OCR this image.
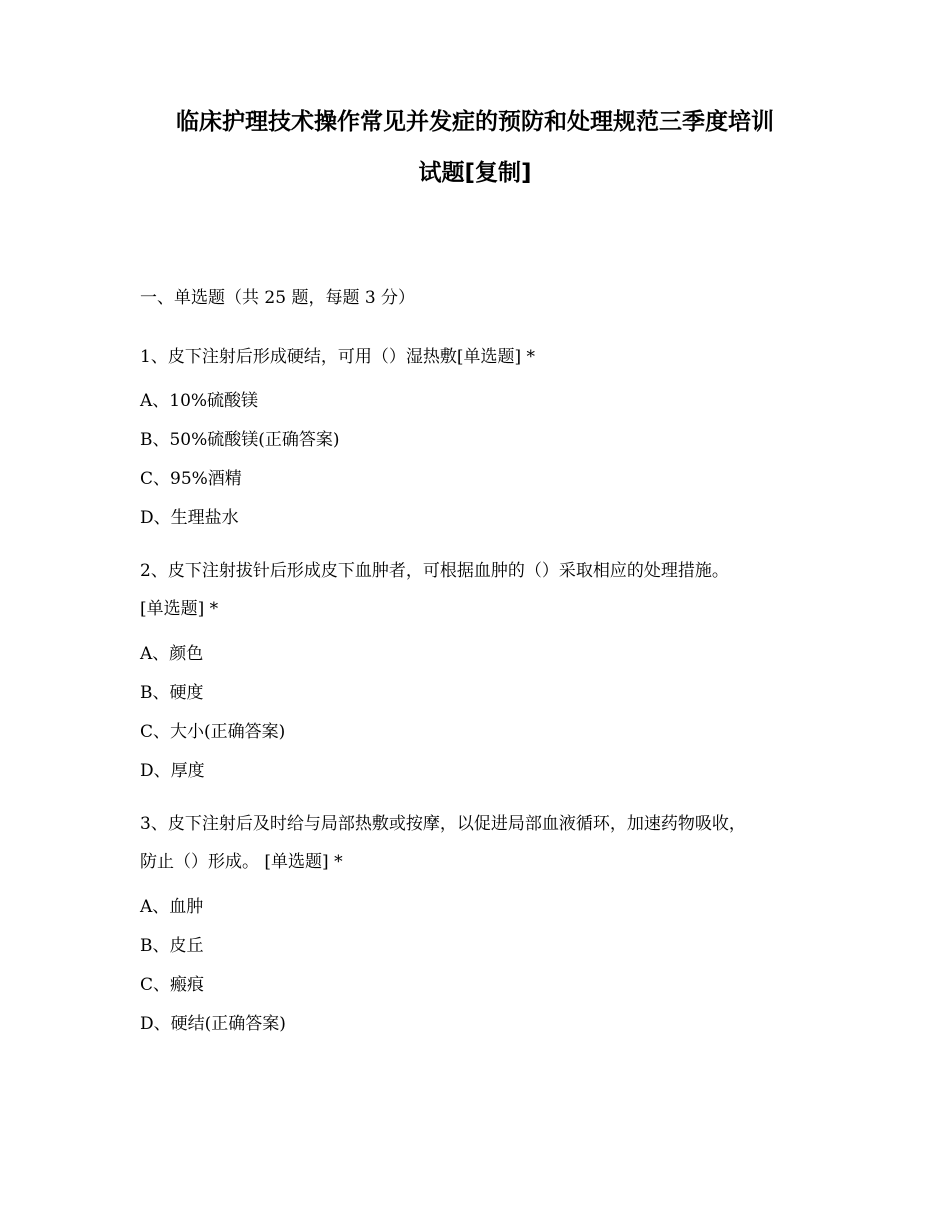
临床护理技术操作常见并发症的预防和处理规范三季度培训
试题[复制]
一、单选题（共 25 题，每题 3 分）
1、皮下注射后形成硬结，可用（）湿热敷[单选题] *
A、10%硫酸镁
B、50%硫酸镁(正确答案)
C、95%酒精
D、生理盐水
2、皮下注射拔针后形成皮下血肿者，可根据血肿的（）采取相应的处理措施。
[单选题] *
A、颜色
B、硬度
C、大小(正确答案)
D、厚度
3、皮下注射后及时给与局部热敷或按摩，以促进局部血液循环，加速药物吸收，
防止（）形成。 [单选题] *
A、血肿
B、皮丘
C、瘢痕
D、硬结(正确答案)
